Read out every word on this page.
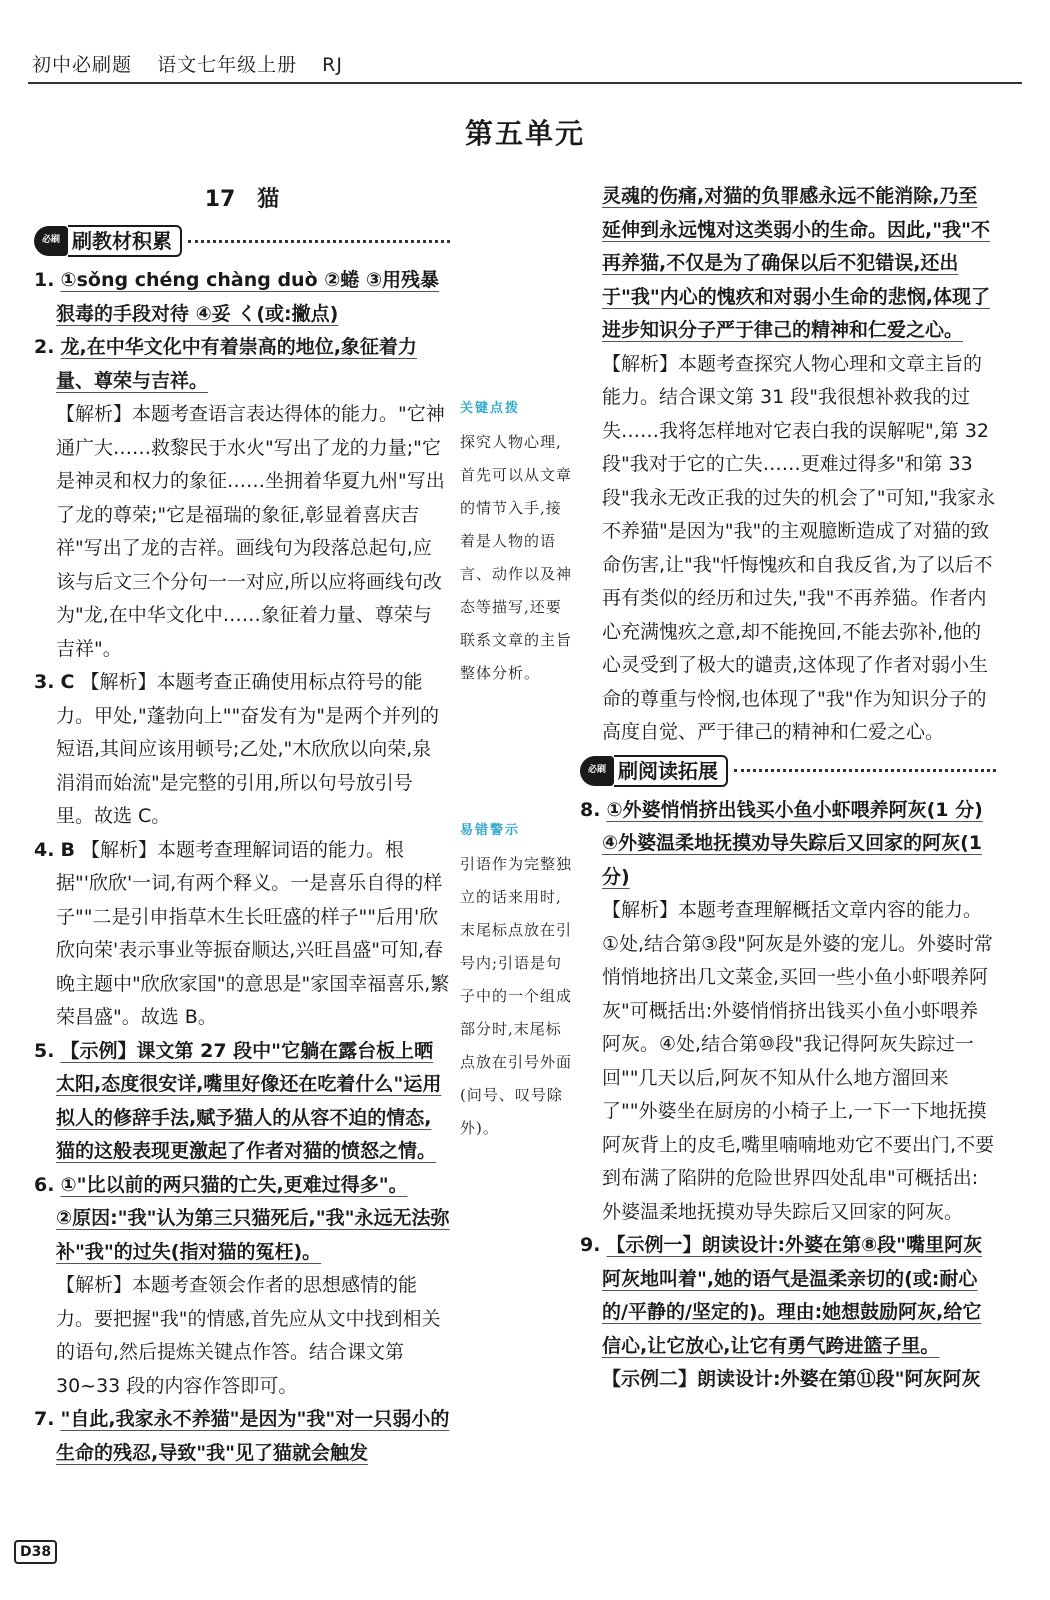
初中必刷题 语文七年级上册 RJ
第五单元
17　猫
必刷 刷教材积累

1. ①sǒng chéng chàng duò ②蜷 ③用残暴狠毒的手段对待 ④妥 く(或:撇点)

2. 龙,在中华文化中有着崇高的地位,象征着力量、尊荣与吉祥。

【解析】本题考查语言表达得体的能力。"它神通广大……救黎民于水火"写出了龙的力量;"它是神灵和权力的象征……坐拥着华夏九州"写出了龙的尊荣;"它是福瑞的象征,彰显着喜庆吉祥"写出了龙的吉祥。画线句为段落总起句,应该与后文三个分句一一对应,所以应将画线句改为"龙,在中华文化中……象征着力量、尊荣与吉祥"。

3. C 【解析】本题考查正确使用标点符号的能力。甲处,"蓬勃向上""奋发有为"是两个并列的短语,其间应该用顿号;乙处,"木欣欣以向荣,泉涓涓而始流"是完整的引用,所以句号放引号里。故选 C。

4. B 【解析】本题考查理解词语的能力。根据"'欣欣'一词,有两个释义。一是喜乐自得的样子""二是引申指草木生长旺盛的样子""后用'欣欣向荣'表示事业等振奋顺达,兴旺昌盛"可知,春晚主题中"欣欣家国"的意思是"家国幸福喜乐,繁荣昌盛"。故选 B。

5. 【示例】课文第 27 段中"它躺在露台板上晒太阳,态度很安详,嘴里好像还在吃着什么"运用拟人的修辞手法,赋予猫人的从容不迫的情态,猫的这般表现更激起了作者对猫的愤怒之情。

6. ①"比以前的两只猫的亡失,更难过得多"。

②原因:"我"认为第三只猫死后,"我"永远无法弥补"我"的过失(指对猫的冤枉)。

【解析】本题考查领会作者的思想感情的能力。要把握"我"的情感,首先应从文中找到相关的语句,然后提炼关键点作答。结合课文第 30~33 段的内容作答即可。

7. "自此,我家永不养猫"是因为"我"对一只弱小的生命的残忍,导致"我"见了猫就会触发

关键点拨

探究人物心理,首先可以从文章的情节入手,接着是人物的语言、动作以及神态等描写,还要联系文章的主旨整体分析。

易错警示

引语作为完整独立的话来用时,末尾标点放在引号内;引语是句子中的一个组成部分时,末尾标点放在引号外面(问号、叹号除外)。

灵魂的伤痛,对猫的负罪感永远不能消除,乃至延伸到永远愧对这类弱小的生命。因此,"我"不再养猫,不仅是为了确保以后不犯错误,还出于"我"内心的愧疚和对弱小生命的悲悯,体现了进步知识分子严于律己的精神和仁爱之心。

【解析】本题考查探究人物心理和文章主旨的能力。结合课文第 31 段"我很想补救我的过失……我将怎样地对它表白我的误解呢",第 32 段"我对于它的亡失……更难过得多"和第 33 段"我永无改正我的过失的机会了"可知,"我家永不养猫"是因为"我"的主观臆断造成了对猫的致命伤害,让"我"忏悔愧疚和自我反省,为了以后不再有类似的经历和过失,"我"不再养猫。作者内心充满愧疚之意,却不能挽回,不能去弥补,他的心灵受到了极大的谴责,这体现了作者对弱小生命的尊重与怜悯,也体现了"我"作为知识分子的高度自觉、严于律己的精神和仁爱之心。

必刷 刷阅读拓展

8. ①外婆悄悄挤出钱买小鱼小虾喂养阿灰(1 分)

④外婆温柔地抚摸劝导失踪后又回家的阿灰(1 分)

【解析】本题考查理解概括文章内容的能力。①处,结合第③段"阿灰是外婆的宠儿。外婆时常悄悄地挤出几文菜金,买回一些小鱼小虾喂养阿灰"可概括出:外婆悄悄挤出钱买小鱼小虾喂养阿灰。④处,结合第⑩段"我记得阿灰失踪过一回""几天以后,阿灰不知从什么地方溜回来了""外婆坐在厨房的小椅子上,一下一下地抚摸阿灰背上的皮毛,嘴里喃喃地劝它不要出门,不要到布满了陷阱的危险世界四处乱串"可概括出:外婆温柔地抚摸劝导失踪后又回家的阿灰。

9. 【示例一】朗读设计:外婆在第⑧段"嘴里阿灰阿灰地叫着",她的语气是温柔亲切的(或:耐心的/平静的/坚定的)。理由:她想鼓励阿灰,给它信心,让它放心,让它有勇气跨进篮子里。

【示例二】朗读设计:外婆在第⑪段"阿灰阿灰

D38
